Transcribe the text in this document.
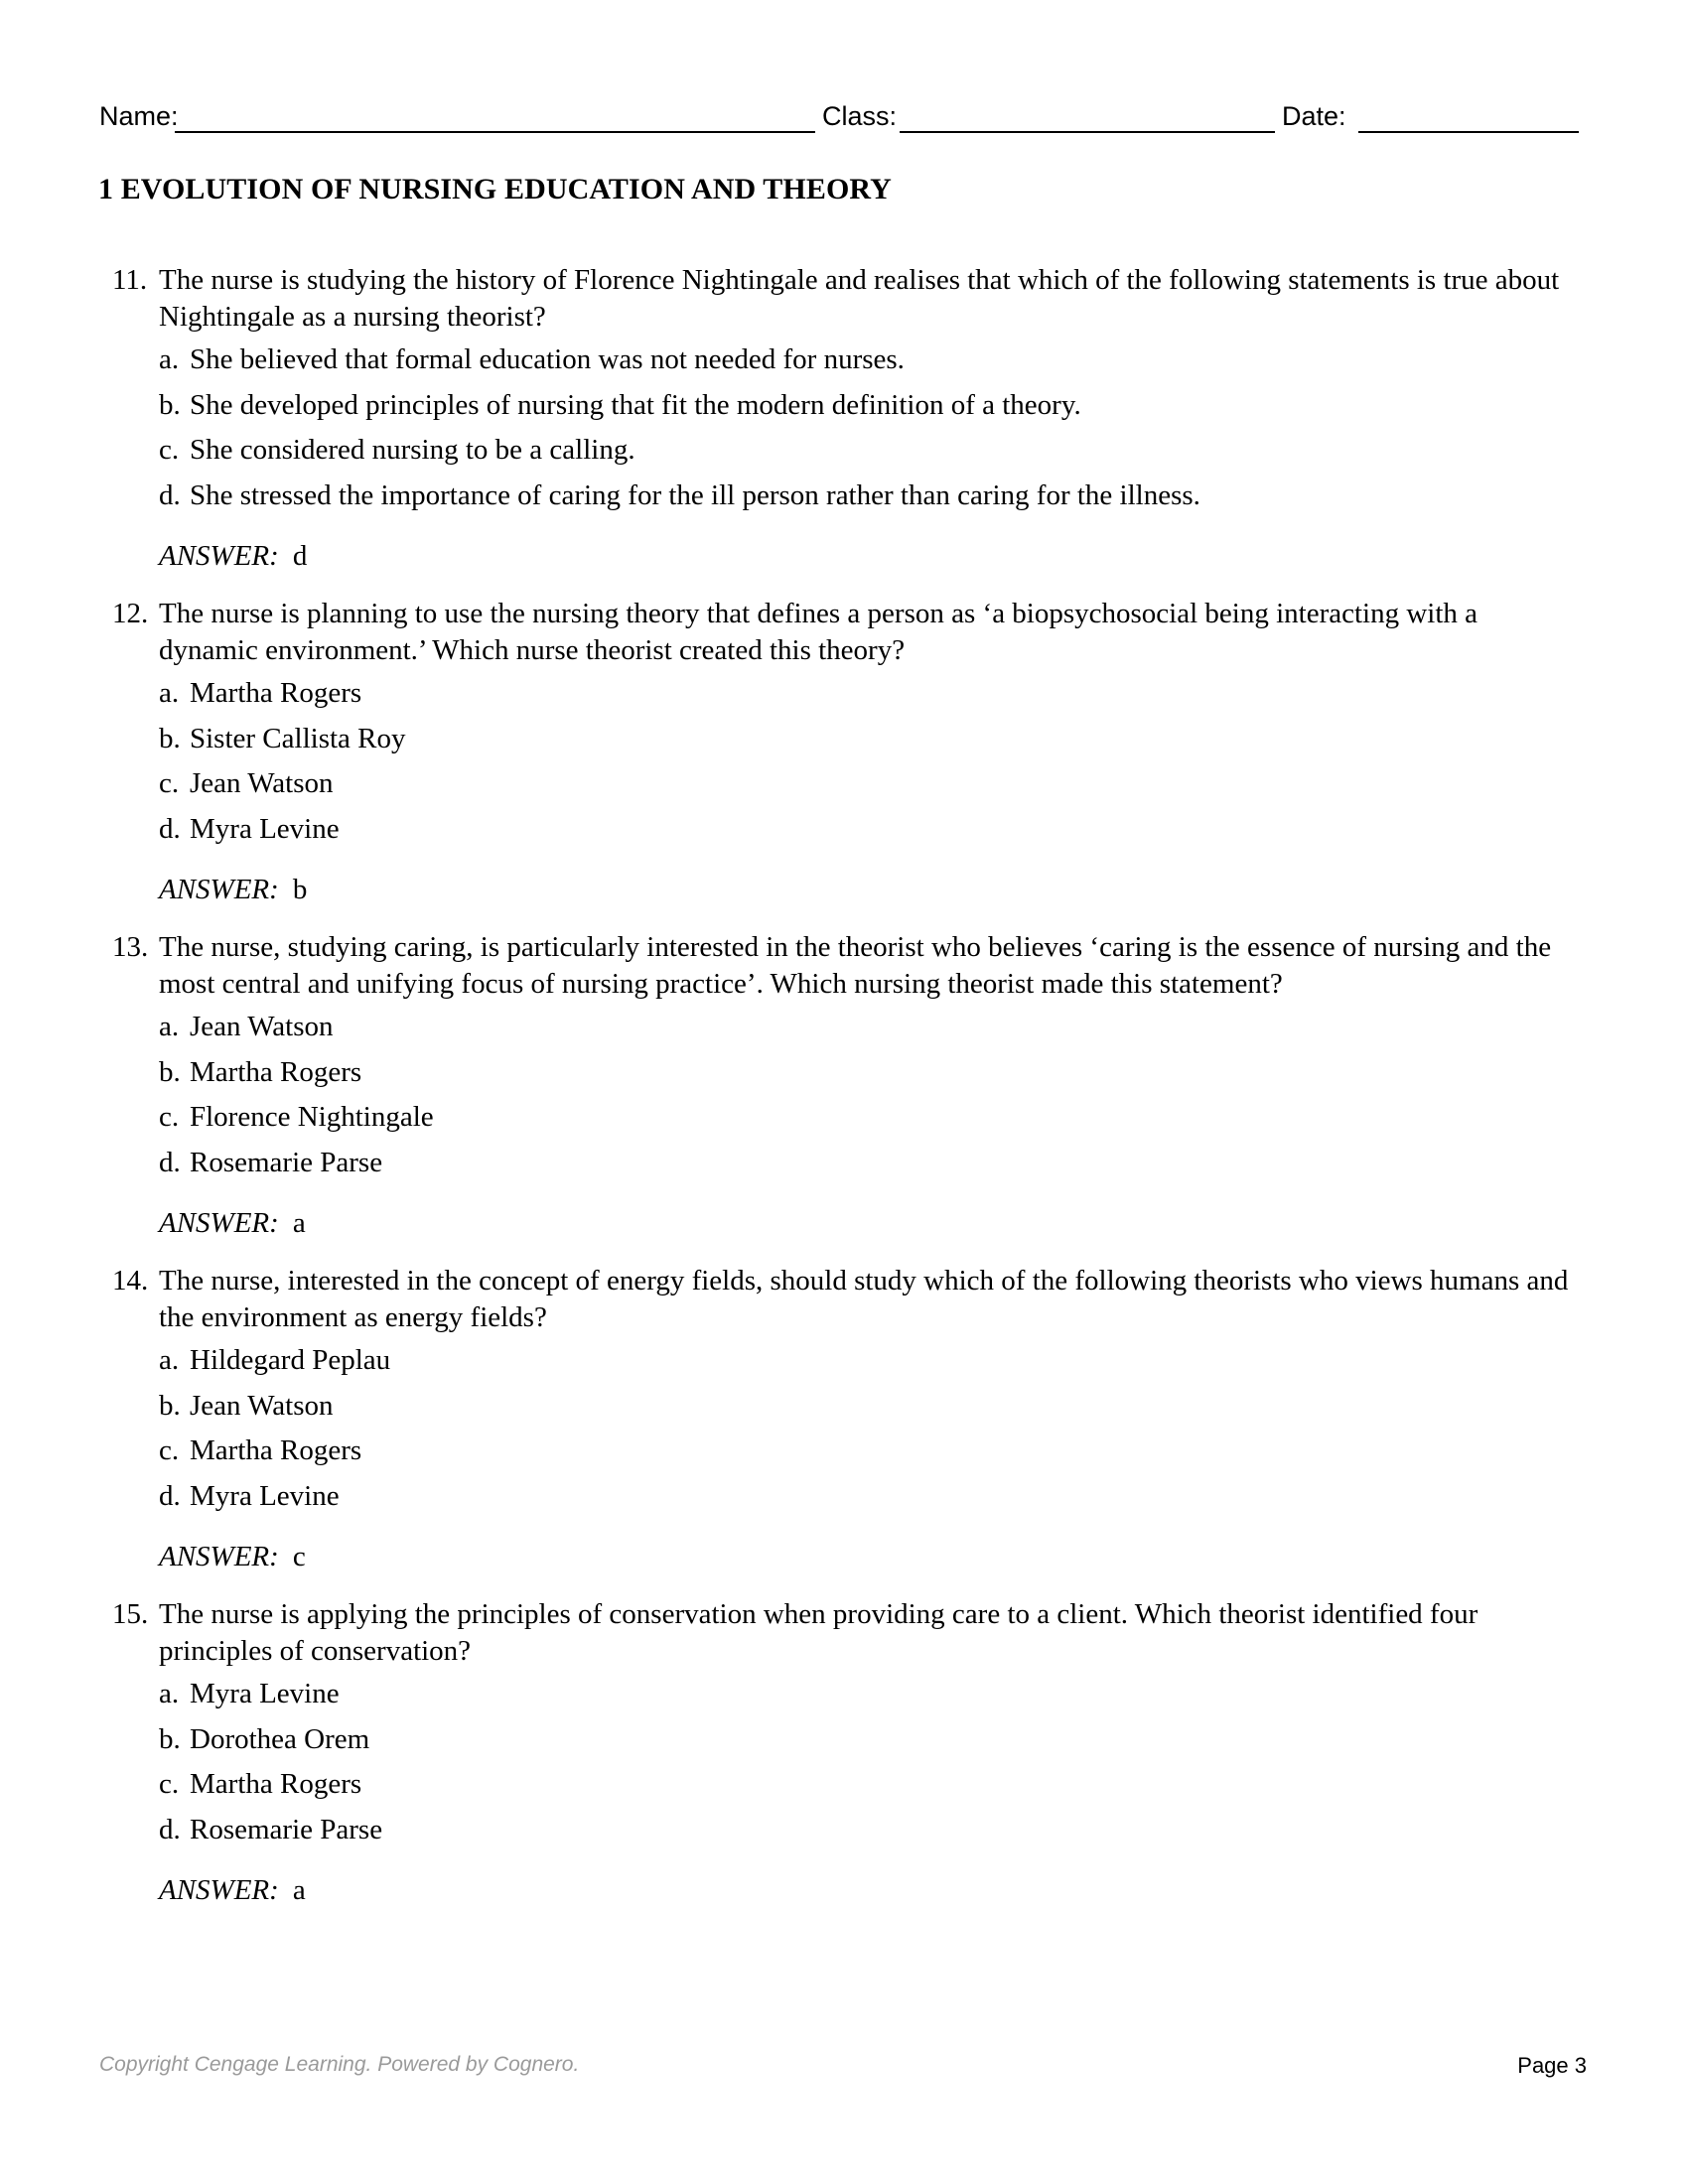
Name:	Class:	Date:
1 EVOLUTION OF NURSING EDUCATION AND THEORY
11. The nurse is studying the history of Florence Nightingale and realises that which of the following statements is true about Nightingale as a nursing theorist?
a. She believed that formal education was not needed for nurses.
b. She developed principles of nursing that fit the modern definition of a theory.
c. She considered nursing to be a calling.
d. She stressed the importance of caring for the ill person rather than caring for the illness.
ANSWER: d
12. The nurse is planning to use the nursing theory that defines a person as ‘a biopsychosocial being interacting with a dynamic environment.’ Which nurse theorist created this theory?
a. Martha Rogers
b. Sister Callista Roy
c. Jean Watson
d. Myra Levine
ANSWER: b
13. The nurse, studying caring, is particularly interested in the theorist who believes ‘caring is the essence of nursing and the most central and unifying focus of nursing practice’. Which nursing theorist made this statement?
a. Jean Watson
b. Martha Rogers
c. Florence Nightingale
d. Rosemarie Parse
ANSWER: a
14. The nurse, interested in the concept of energy fields, should study which of the following theorists who views humans and the environment as energy fields?
a. Hildegard Peplau
b. Jean Watson
c. Martha Rogers
d. Myra Levine
ANSWER: c
15. The nurse is applying the principles of conservation when providing care to a client. Which theorist identified four principles of conservation?
a. Myra Levine
b. Dorothea Orem
c. Martha Rogers
d. Rosemarie Parse
ANSWER: a
Copyright Cengage Learning. Powered by Cognero.	Page 3
